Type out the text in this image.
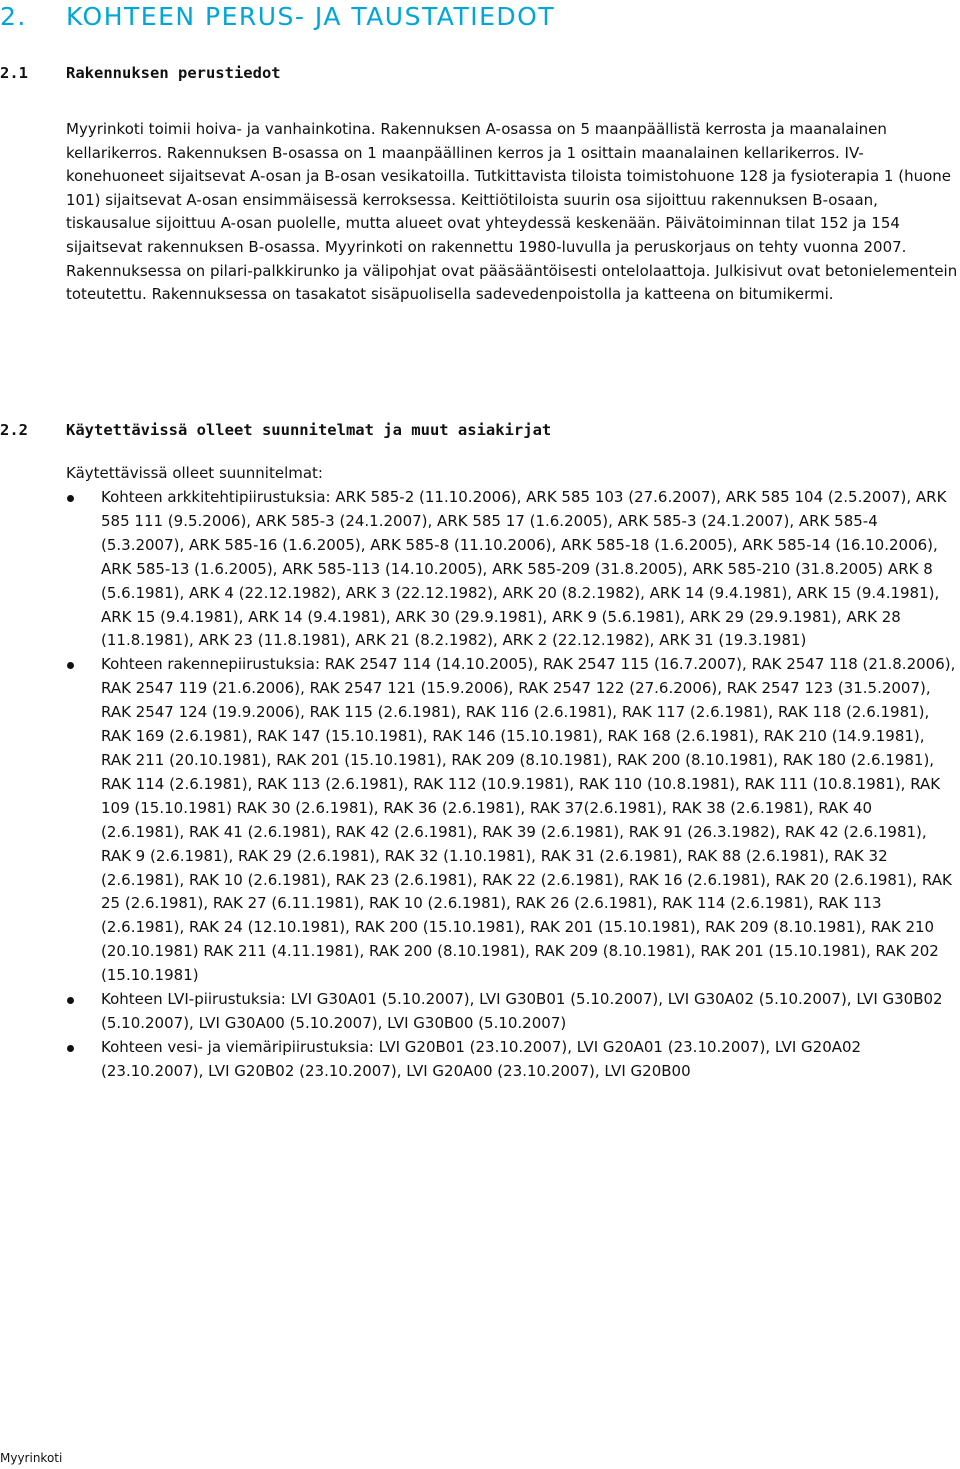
2. KOHTEEN PERUS- JA TAUSTATIEDOT
2.1 Rakennuksen perustiedot

Myyrinkoti toimii hoiva- ja vanhainkotina. Rakennuksen A-osassa on 5 maanpäällistä kerrosta ja maanalainen kellarikerros. Rakennuksen B-osassa on 1 maanpäällinen kerros ja 1 osittain maanalainen kellarikerros. IV-konehuoneet sijaitsevat A-osan ja B-osan vesikatoilla. Tutkittavista tiloista toimistohuone 128 ja fysioterapia 1 (huone 101) sijaitsevat A-osan ensimmäisessä kerroksessa. Keittiötiloista suurin osa sijoittuu rakennuksen B-osaan, tiskausalue sijoittuu A-osan puolelle, mutta alueet ovat yhteydessä keskenään. Päivätoiminnan tilat 152 ja 154 sijaitsevat rakennuksen B-osassa. Myyrinkoti on rakennettu 1980-luvulla ja peruskorjaus on tehty vuonna 2007. Rakennuksessa on pilari-palkkirunko ja välipohjat ovat pääsääntöisesti ontelolaattoja. Julkisivut ovat betonielementein toteutettu. Rakennuksessa on tasakatot sisäpuolisella sadevedenpoistolla ja katteena on bitumikermi.

2.2 Käytettävissä olleet suunnitelmat ja muut asiakirjat

Käytettävissä olleet suunnitelmat:

Kohteen arkkitehtipiirustuksia: ARK 585-2 (11.10.2006), ARK 585 103 (27.6.2007), ARK 585 104 (2.5.2007), ARK 585 111 (9.5.2006), ARK 585-3 (24.1.2007), ARK 585 17 (1.6.2005), ARK 585-3 (24.1.2007), ARK 585-4 (5.3.2007), ARK 585-16 (1.6.2005), ARK 585-8 (11.10.2006), ARK 585-18 (1.6.2005), ARK 585-14 (16.10.2006), ARK 585-13 (1.6.2005), ARK 585-113 (14.10.2005), ARK 585-209 (31.8.2005), ARK 585-210 (31.8.2005) ARK 8 (5.6.1981), ARK 4 (22.12.1982), ARK 3 (22.12.1982), ARK 20 (8.2.1982), ARK 14 (9.4.1981), ARK 15 (9.4.1981), ARK 15 (9.4.1981), ARK 14 (9.4.1981), ARK 30 (29.9.1981), ARK 9 (5.6.1981), ARK 29 (29.9.1981), ARK 28 (11.8.1981), ARK 23 (11.8.1981), ARK 21 (8.2.1982), ARK 2 (22.12.1982), ARK 31 (19.3.1981)
Kohteen rakennepiirustuksia: RAK 2547 114 (14.10.2005), RAK 2547 115 (16.7.2007), RAK 2547 118 (21.8.2006), RAK 2547 119 (21.6.2006), RAK 2547 121 (15.9.2006), RAK 2547 122 (27.6.2006), RAK 2547 123 (31.5.2007), RAK 2547 124 (19.9.2006), RAK 115 (2.6.1981), RAK 116 (2.6.1981), RAK 117 (2.6.1981), RAK 118 (2.6.1981), RAK 169 (2.6.1981), RAK 147 (15.10.1981), RAK 146 (15.10.1981), RAK 168 (2.6.1981), RAK 210 (14.9.1981), RAK 211 (20.10.1981), RAK 201 (15.10.1981), RAK 209 (8.10.1981), RAK 200 (8.10.1981), RAK 180 (2.6.1981), RAK 114 (2.6.1981), RAK 113 (2.6.1981), RAK 112 (10.9.1981), RAK 110 (10.8.1981), RAK 111 (10.8.1981), RAK 109 (15.10.1981) RAK 30 (2.6.1981), RAK 36 (2.6.1981), RAK 37(2.6.1981), RAK 38 (2.6.1981), RAK 40 (2.6.1981), RAK 41 (2.6.1981), RAK 42 (2.6.1981), RAK 39 (2.6.1981), RAK 91 (26.3.1982), RAK 42 (2.6.1981), RAK 9 (2.6.1981), RAK 29 (2.6.1981), RAK 32 (1.10.1981), RAK 31 (2.6.1981), RAK 88 (2.6.1981), RAK 32 (2.6.1981), RAK 10 (2.6.1981), RAK 23 (2.6.1981), RAK 22 (2.6.1981), RAK 16 (2.6.1981), RAK 20 (2.6.1981), RAK 25 (2.6.1981), RAK 27 (6.11.1981), RAK 10 (2.6.1981), RAK 26 (2.6.1981), RAK 114 (2.6.1981), RAK 113 (2.6.1981), RAK 24 (12.10.1981), RAK 200 (15.10.1981), RAK 201 (15.10.1981), RAK 209 (8.10.1981), RAK 210 (20.10.1981) RAK 211 (4.11.1981), RAK 200 (8.10.1981), RAK 209 (8.10.1981), RAK 201 (15.10.1981), RAK 202 (15.10.1981)
Kohteen LVI-piirustuksia: LVI G30A01 (5.10.2007), LVI G30B01 (5.10.2007), LVI G30A02 (5.10.2007), LVI G30B02 (5.10.2007), LVI G30A00 (5.10.2007), LVI G30B00 (5.10.2007)
Kohteen vesi- ja viemäripiirustuksia: LVI G20B01 (23.10.2007), LVI G20A01 (23.10.2007), LVI G20A02 (23.10.2007), LVI G20B02 (23.10.2007), LVI G20A00 (23.10.2007), LVI G20B00
Myyrinkoti
